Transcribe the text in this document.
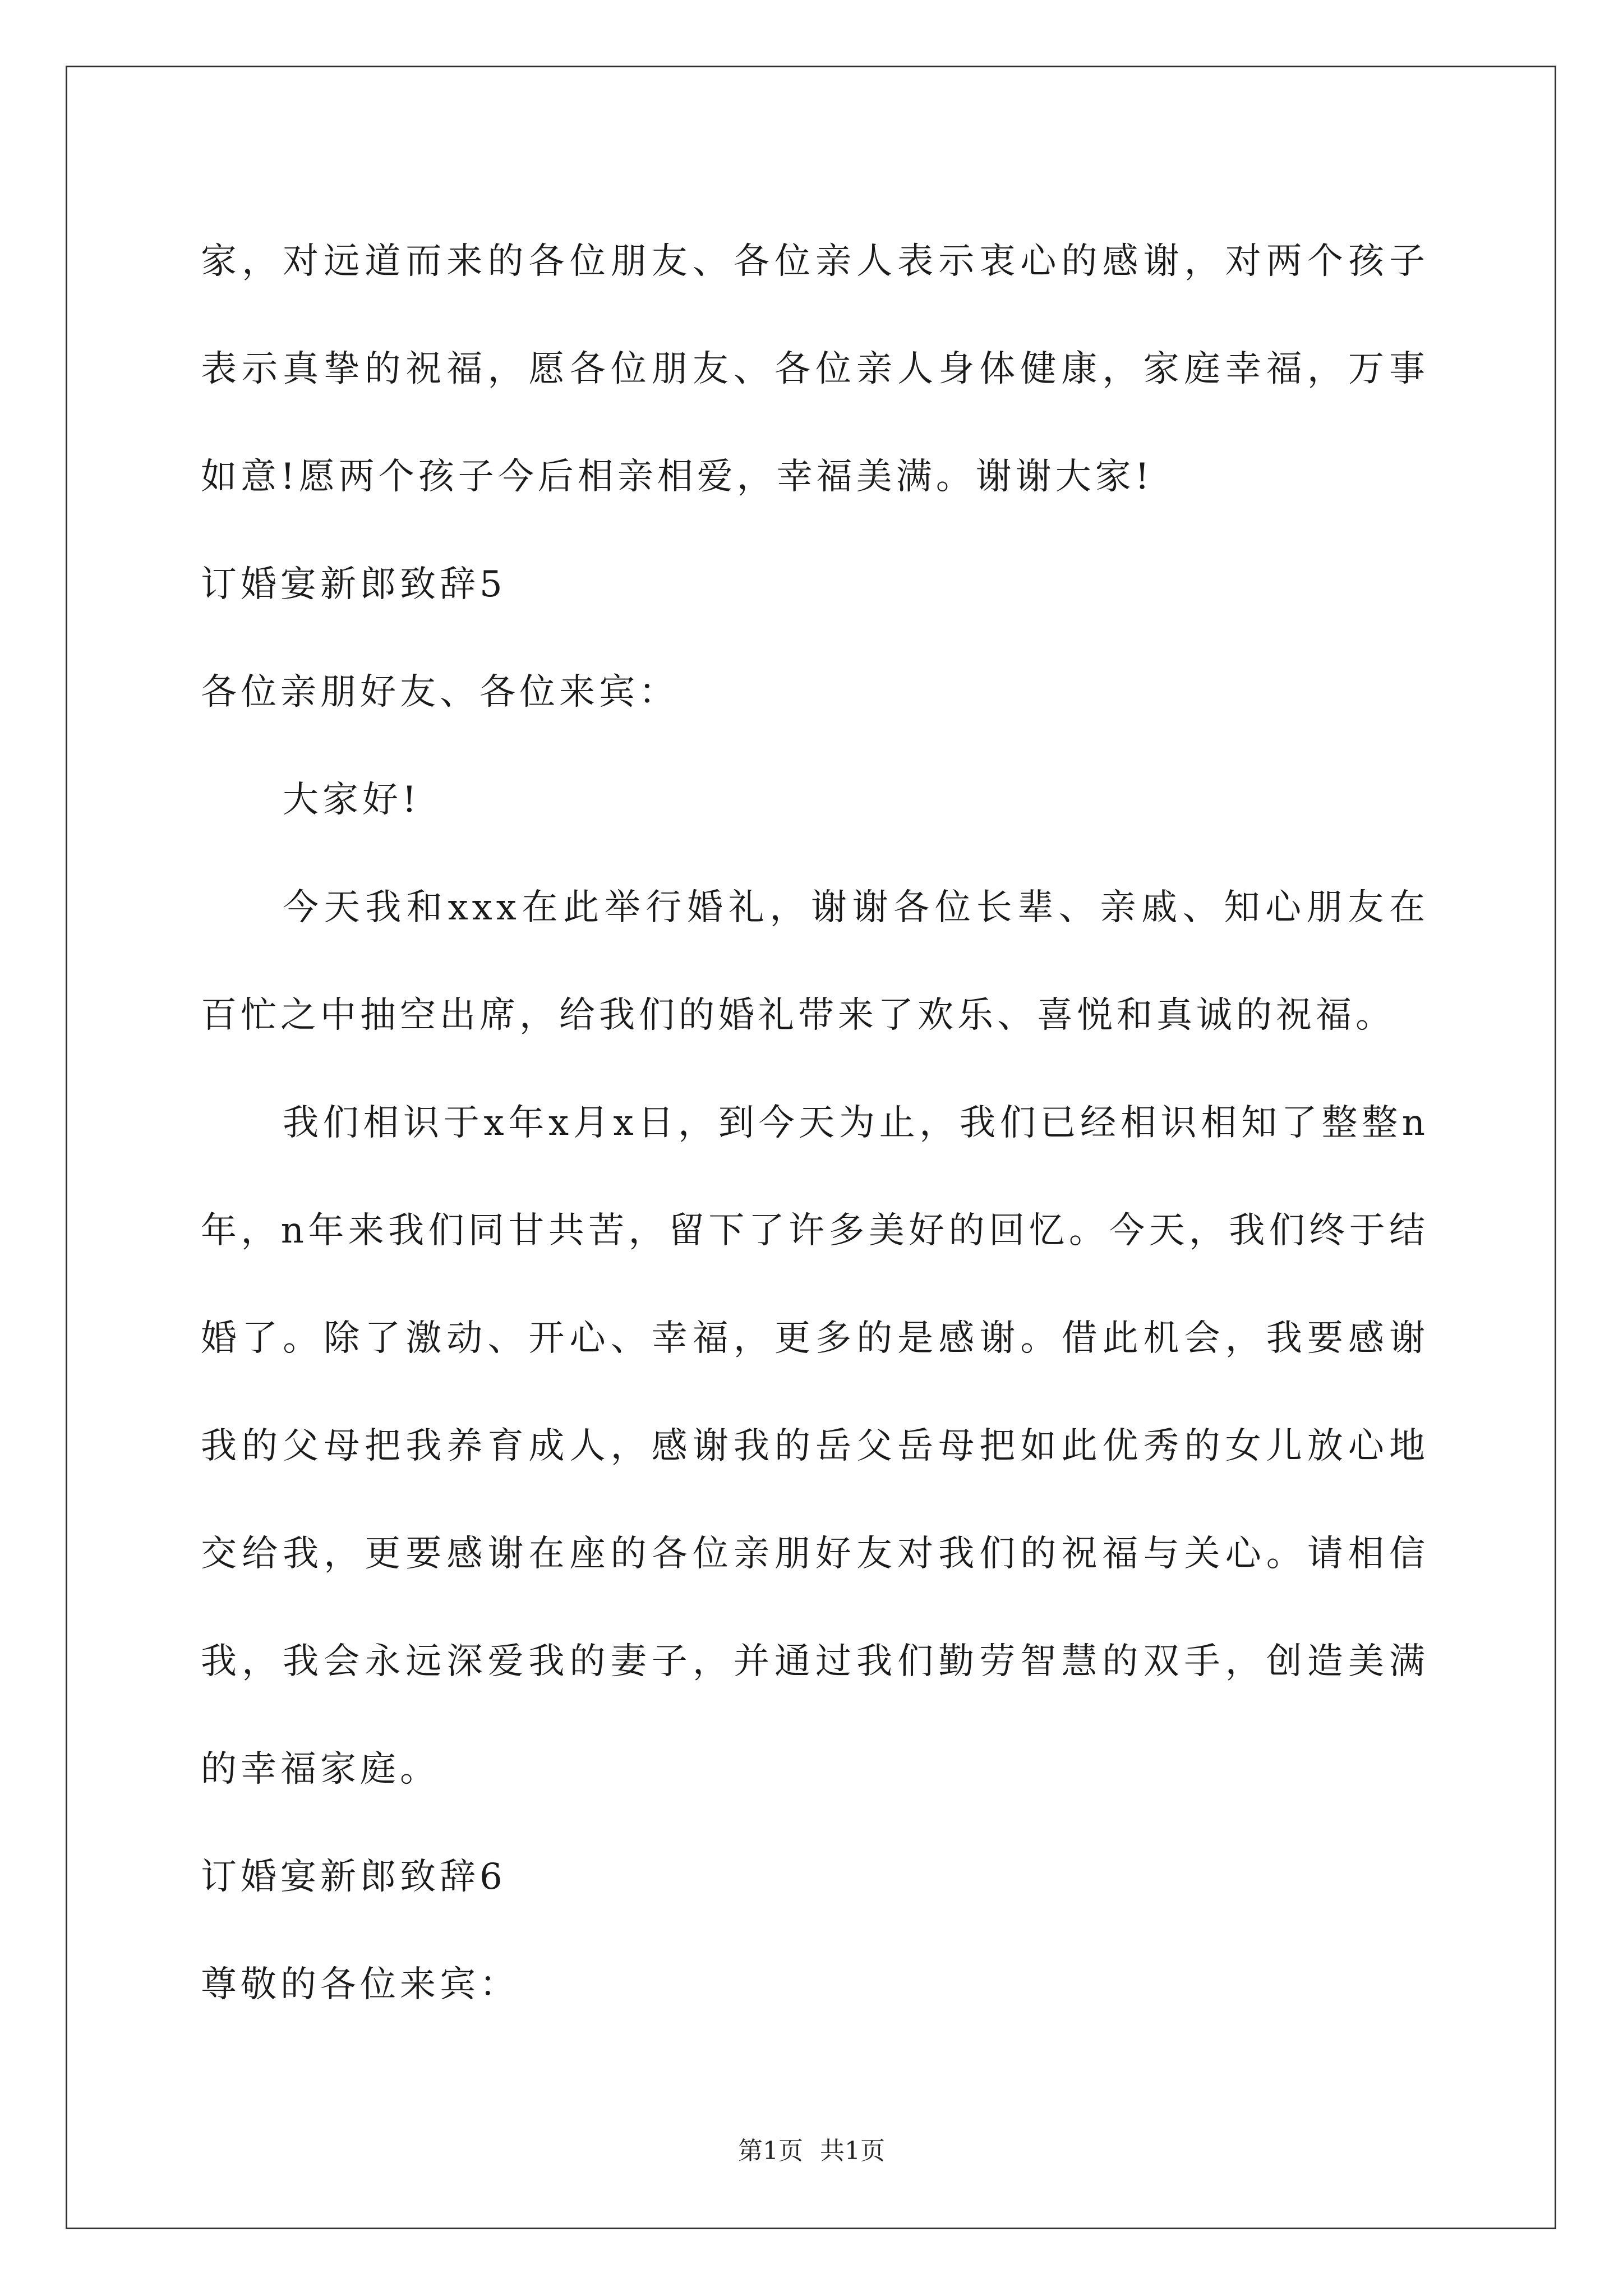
家，对远道而来的各位朋友、各位亲人表示衷心的感谢，对两个孩子表示真挚的祝福，愿各位朋友、各位亲人身体健康，家庭幸福，万事如意!愿两个孩子今后相亲相爱，幸福美满。谢谢大家!

订婚宴新郎致辞5

各位亲朋好友、各位来宾：

大家好!

今天我和xxx在此举行婚礼，谢谢各位长辈、亲戚、知心朋友在百忙之中抽空出席，给我们的婚礼带来了欢乐、喜悦和真诚的祝福。

我们相识于x年x月x日，到今天为止，我们已经相识相知了整整n年，n年来我们同甘共苦，留下了许多美好的回忆。今天，我们终于结婚了。除了激动、开心、幸福，更多的是感谢。借此机会，我要感谢我的父母把我养育成人，感谢我的岳父岳母把如此优秀的女儿放心地交给我，更要感谢在座的各位亲朋好友对我们的祝福与关心。请相信我，我会永远深爱我的妻子，并通过我们勤劳智慧的双手，创造美满的幸福家庭。

订婚宴新郎致辞6

尊敬的各位来宾：

第1页 共1页
